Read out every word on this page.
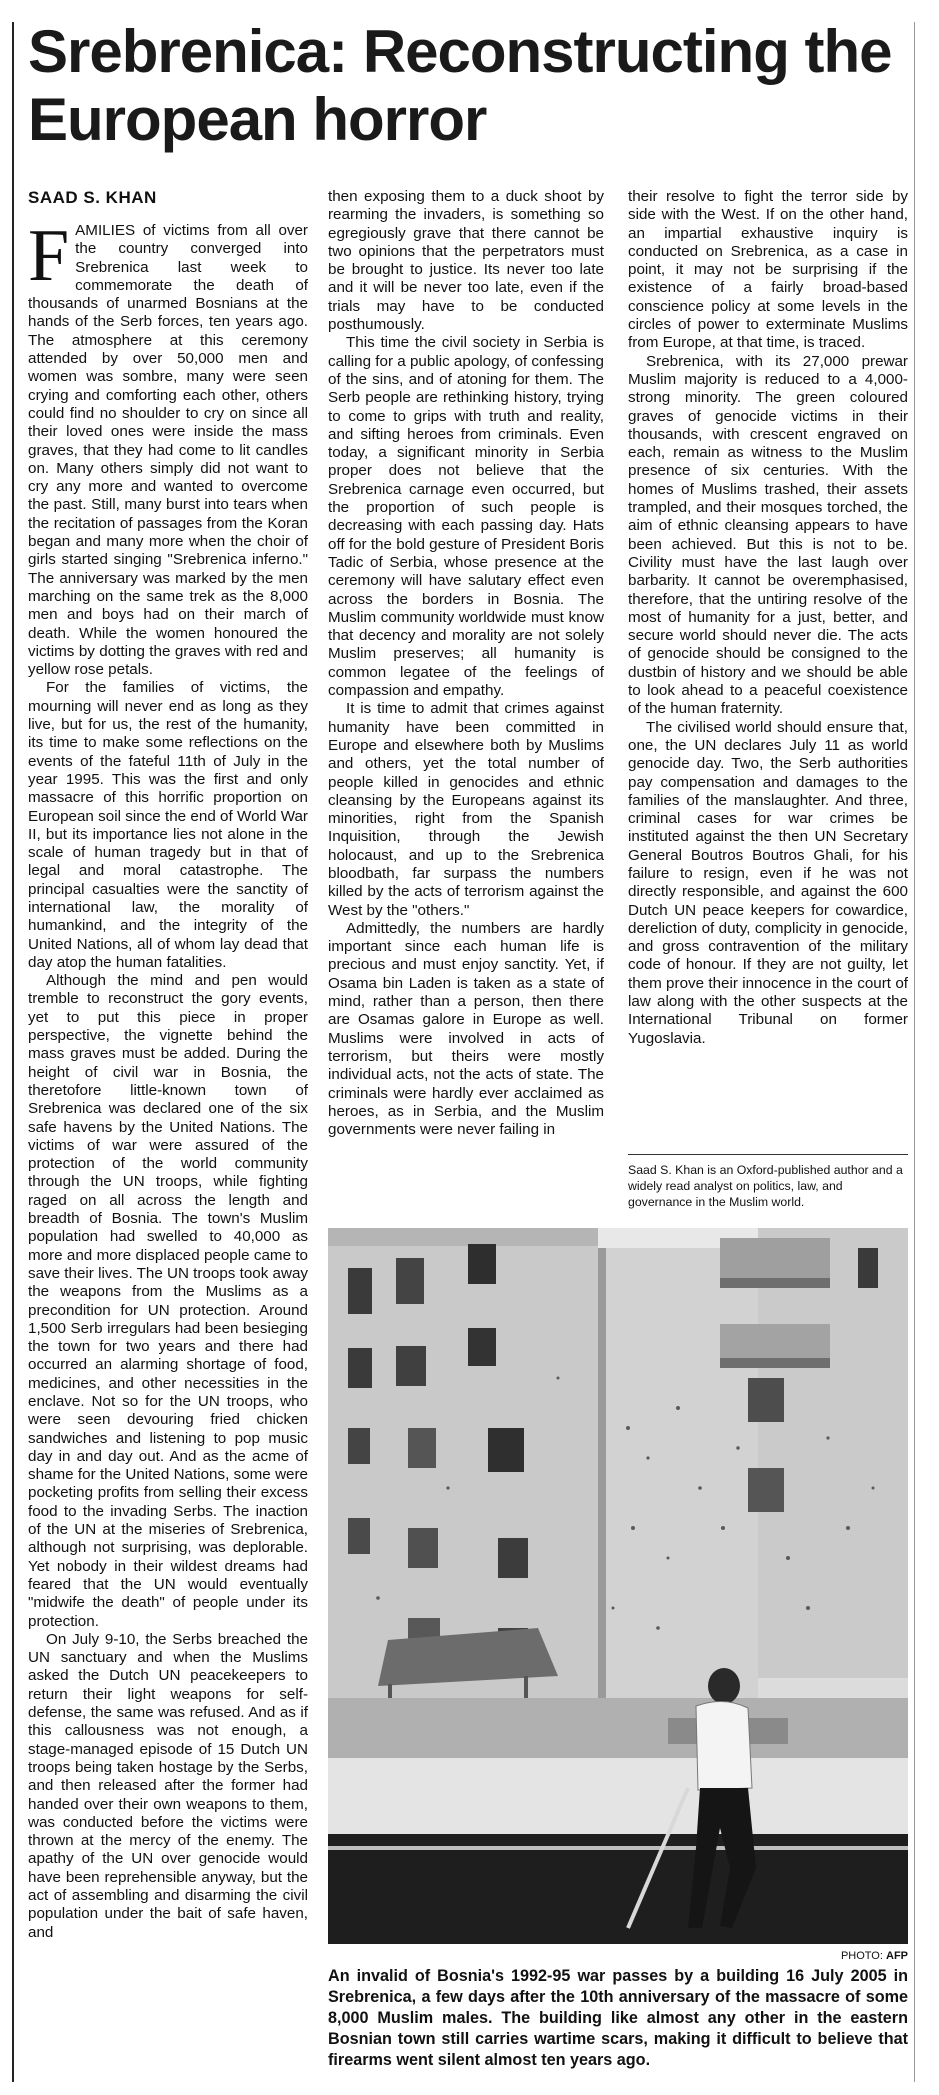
Srebrenica: Reconstructing the European horror
SAAD S. KHAN

FAMILIES of victims from all over the country converged into Srebrenica last week to commemorate the death of thousands of unarmed Bosnians at the hands of the Serb forces, ten years ago. The atmosphere at this ceremony attended by over 50,000 men and women was sombre, many were seen crying and comforting each other, others could find no shoulder to cry on since all their loved ones were inside the mass graves, that they had come to lit candles on. Many others simply did not want to cry any more and wanted to overcome the past. Still, many burst into tears when the recitation of passages from the Koran began and many more when the choir of girls started singing "Srebrenica inferno." The anniversary was marked by the men marching on the same trek as the 8,000 men and boys had on their march of death. While the women honoured the victims by dotting the graves with red and yellow rose petals.

For the families of victims, the mourning will never end as long as they live, but for us, the rest of the humanity, its time to make some reflections on the events of the fateful 11th of July in the year 1995. This was the first and only massacre of this horrific proportion on European soil since the end of World War II, but its importance lies not alone in the scale of human tragedy but in that of legal and moral catastrophe. The principal casualties were the sanctity of international law, the morality of humankind, and the integrity of the United Nations, all of whom lay dead that day atop the human fatalities.

Although the mind and pen would tremble to reconstruct the gory events, yet to put this piece in proper perspective, the vignette behind the mass graves must be added. During the height of civil war in Bosnia, the theretofore little-known town of Srebrenica was declared one of the six safe havens by the United Nations. The victims of war were assured of the protection of the world community through the UN troops, while fighting raged on all across the length and breadth of Bosnia. The town's Muslim population had swelled to 40,000 as more and more displaced people came to save their lives. The UN troops took away the weapons from the Muslims as a precondition for UN protection. Around 1,500 Serb irregulars had been besieging the town for two years and there had occurred an alarming shortage of food, medicines, and other necessities in the enclave. Not so for the UN troops, who were seen devouring fried chicken sandwiches and listening to pop music day in and day out. And as the acme of shame for the United Nations, some were pocketing profits from selling their excess food to the invading Serbs. The inaction of the UN at the miseries of Srebrenica, although not surprising, was deplorable. Yet nobody in their wildest dreams had feared that the UN would eventually "midwife the death" of people under its protection.

On July 9-10, the Serbs breached the UN sanctuary and when the Muslims asked the Dutch UN peacekeepers to return their light weapons for self-defense, the same was refused. And as if this callousness was not enough, a stage-managed episode of 15 Dutch UN troops being taken hostage by the Serbs, and then released after the former had handed over their own weapons to them, was conducted before the victims were thrown at the mercy of the enemy. The apathy of the UN over genocide would have been reprehensible anyway, but the act of assembling and disarming the civil population under the bait of safe haven, and

then exposing them to a duck shoot by rearming the invaders, is something so egregiously grave that there cannot be two opinions that the perpetrators must be brought to justice. Its never too late and it will be never too late, even if the trials may have to be conducted posthumously.

This time the civil society in Serbia is calling for a public apology, of confessing of the sins, and of atoning for them. The Serb people are rethinking history, trying to come to grips with truth and reality, and sifting heroes from criminals. Even today, a significant minority in Serbia proper does not believe that the Srebrenica carnage even occurred, but the proportion of such people is decreasing with each passing day. Hats off for the bold gesture of President Boris Tadic of Serbia, whose presence at the ceremony will have salutary effect even across the borders in Bosnia. The Muslim community worldwide must know that decency and morality are not solely Muslim preserves; all humanity is common legatee of the feelings of compassion and empathy.

It is time to admit that crimes against humanity have been committed in Europe and elsewhere both by Muslims and others, yet the total number of people killed in genocides and ethnic cleansing by the Europeans against its minorities, right from the Spanish Inquisition, through the Jewish holocaust, and up to the Srebrenica bloodbath, far surpass the numbers killed by the acts of terrorism against the West by the "others."

Admittedly, the numbers are hardly important since each human life is precious and must enjoy sanctity. Yet, if Osama bin Laden is taken as a state of mind, rather than a person, then there are Osamas galore in Europe as well. Muslims were involved in acts of terrorism, but theirs were mostly individual acts, not the acts of state. The criminals were hardly ever acclaimed as heroes, as in Serbia, and the Muslim governments were never failing in

their resolve to fight the terror side by side with the West. If on the other hand, an impartial exhaustive inquiry is conducted on Srebrenica, as a case in point, it may not be surprising if the existence of a fairly broad-based conscience policy at some levels in the circles of power to exterminate Muslims from Europe, at that time, is traced.

Srebrenica, with its 27,000 prewar Muslim majority is reduced to a 4,000-strong minority. The green coloured graves of genocide victims in their thousands, with crescent engraved on each, remain as witness to the Muslim presence of six centuries. With the homes of Muslims trashed, their assets trampled, and their mosques torched, the aim of ethnic cleansing appears to have been achieved. But this is not to be. Civility must have the last laugh over barbarity. It cannot be overemphasised, therefore, that the untiring resolve of the most of humanity for a just, better, and secure world should never die. The acts of genocide should be consigned to the dustbin of history and we should be able to look ahead to a peaceful coexistence of the human fraternity.

The civilised world should ensure that, one, the UN declares July 11 as world genocide day. Two, the Serb authorities pay compensation and damages to the families of the manslaughter. And three, criminal cases for war crimes be instituted against the then UN Secretary General Boutros Boutros Ghali, for his failure to resign, even if he was not directly responsible, and against the 600 Dutch UN peace keepers for cowardice, dereliction of duty, complicity in genocide, and gross contravention of the military code of honour. If they are not guilty, let them prove their innocence in the court of law along with the other suspects at the International Tribunal on former Yugoslavia.

Saad S. Khan is an Oxford-published author and a widely read analyst on politics, law, and governance in the Muslim world.
PHOTO: AFP

An invalid of Bosnia's 1992-95 war passes by a building 16 July 2005 in Srebrenica, a few days after the 10th anniversary of the massacre of some 8,000 Muslim males. The building like almost any other in the eastern Bosnian town still carries wartime scars, making it difficult to believe that firearms went silent almost ten years ago.
